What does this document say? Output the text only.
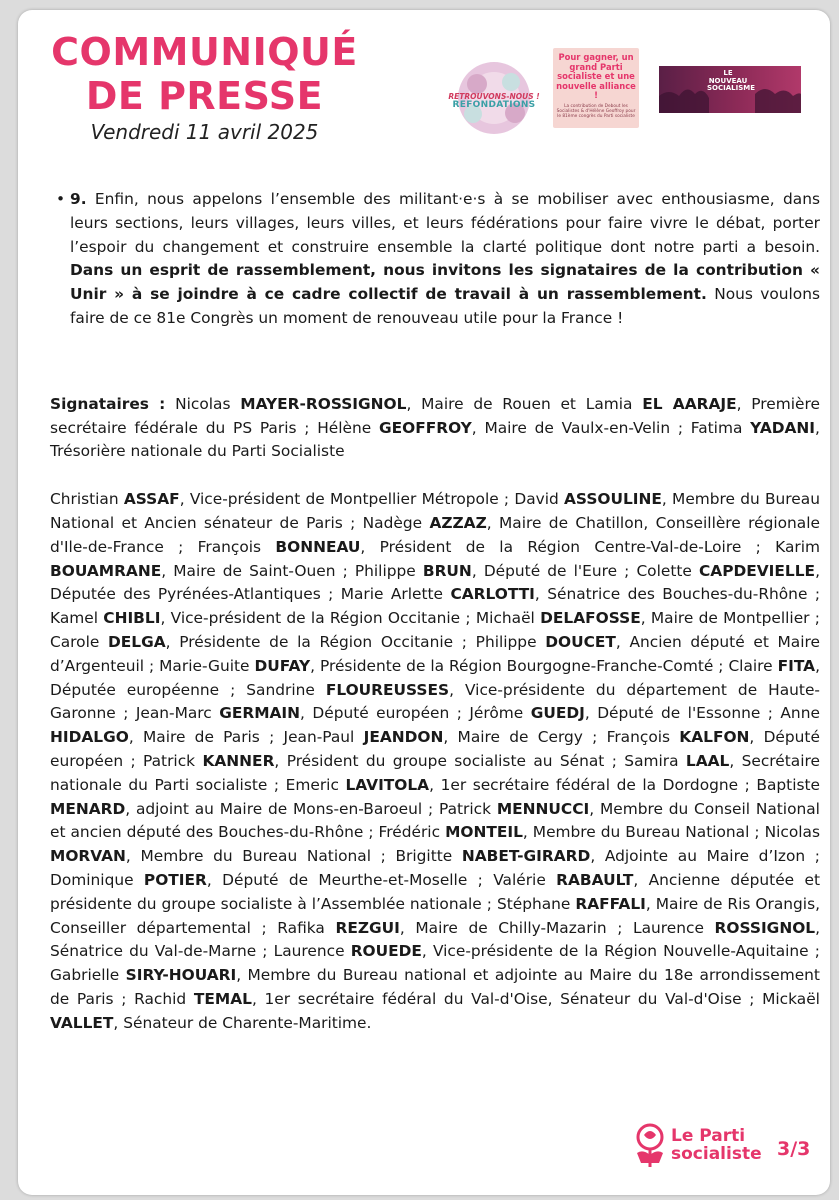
COMMUNIQUÉ
DE PRESSE
Vendredi 11 avril 2025
RETROUVONS-NOUS !
REFONDATIONS
Pour gagner, un grand Parti socialiste et une nouvelle alliance !
La contribution de Debout les Socialistes & d'Hélène Geoffroy pour le 81ème congrès du Parti socialiste
LE NOUVEAU SOCIALISME
• 9. Enfin, nous appelons l’ensemble des militant·e·s à se mobiliser avec enthousiasme, dans leurs sections, leurs villages, leurs villes, et leurs fédérations pour faire vivre le débat, porter l’espoir du changement et construire ensemble la clarté politique dont notre parti a besoin. Dans un esprit de rassemblement, nous invitons les signataires de la contribution « Unir » à se joindre à ce cadre collectif de travail à un rassemblement. Nous voulons faire de ce 81e Congrès un moment de renouveau utile pour la France !
Signataires : Nicolas MAYER-ROSSIGNOL, Maire de Rouen et Lamia EL AARAJE, Première secrétaire fédérale du PS Paris ; Hélène GEOFFROY, Maire de Vaulx-en-Velin ; Fatima YADANI, Trésorière nationale du Parti Socialiste
Christian ASSAF, Vice-président de Montpellier Métropole ; David ASSOULINE, Membre du Bureau National et Ancien sénateur de Paris ; Nadège AZZAZ, Maire de Chatillon, Conseillère régionale d'Ile-de-France ; François BONNEAU, Président de la Région Centre-Val-de-Loire ; Karim BOUAMRANE, Maire de Saint-Ouen ; Philippe BRUN, Député de l'Eure ; Colette CAPDEVIELLE, Députée des Pyrénées-Atlantiques ; Marie Arlette CARLOTTI, Sénatrice des Bouches-du-Rhône ; Kamel CHIBLI, Vice-président de la Région Occitanie ; Michaël DELAFOSSE, Maire de Montpellier ; Carole DELGA, Présidente de la Région Occitanie ; Philippe DOUCET, Ancien député et Maire d’Argenteuil ; Marie-Guite DUFAY, Présidente de la Région Bourgogne-Franche-Comté ; Claire FITA, Députée européenne ; Sandrine FLOUREUSSES, Vice-présidente du département de Haute-Garonne ; Jean-Marc GERMAIN, Député européen ; Jérôme GUEDJ, Député de l'Essonne ; Anne HIDALGO, Maire de Paris ; Jean-Paul JEANDON, Maire de Cergy ; François KALFON, Député européen ; Patrick KANNER, Président du groupe socialiste au Sénat ; Samira LAAL, Secrétaire nationale du Parti socialiste ; Emeric LAVITOLA, 1er secrétaire fédéral de la Dordogne ; Baptiste MENARD, adjoint au Maire de Mons-en-Baroeul ; Patrick MENNUCCI, Membre du Conseil National et ancien député des Bouches-du-Rhône ; Frédéric MONTEIL, Membre du Bureau National ; Nicolas MORVAN, Membre du Bureau National ; Brigitte NABET-GIRARD, Adjointe au Maire d’Izon ; Dominique POTIER, Député de Meurthe-et-Moselle ; Valérie RABAULT, Ancienne députée et présidente du groupe socialiste à l’Assemblée nationale ; Stéphane RAFFALI, Maire de Ris Orangis, Conseiller départemental ; Rafika REZGUI, Maire de Chilly-Mazarin ; Laurence ROSSIGNOL, Sénatrice du Val-de-Marne ; Laurence ROUEDE, Vice-présidente de la Région Nouvelle-Aquitaine ; Gabrielle SIRY-HOUARI, Membre du Bureau national et adjointe au Maire du 18e arrondissement de Paris ; Rachid TEMAL, 1er secrétaire fédéral du Val-d'Oise, Sénateur du Val-d'Oise ; Mickaël VALLET, Sénateur de Charente-Maritime.
Le Parti
socialiste 3/3
